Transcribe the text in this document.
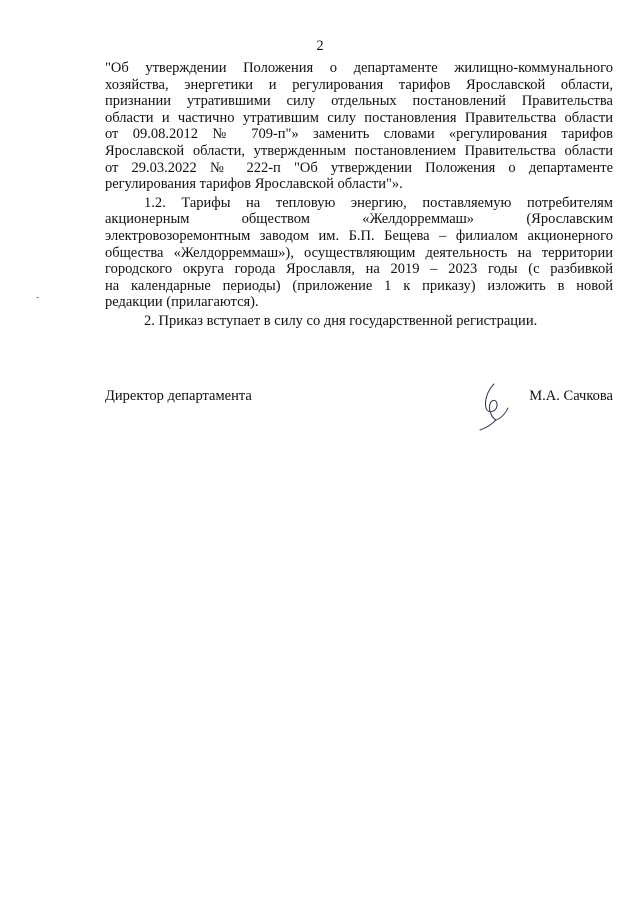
2
"Об утверждении Положения о департаменте жилищно-коммунального
хозяйства, энергетики и регулирования тарифов Ярославской области,
признании утратившими силу отдельных постановлений Правительства
области и частично утратившим силу постановления Правительства области
от 09.08.2012 № 709-п"» заменить словами «регулирования тарифов
Ярославской области, утвержденным постановлением Правительства области
от 29.03.2022 № 222-п "Об утверждении Положения о департаменте
регулирования тарифов Ярославской области"».
1.2. Тарифы на тепловую энергию, поставляемую потребителям
акционерным обществом «Желдорреммаш» (Ярославским
электровозоремонтным заводом им. Б.П. Бещева – филиалом акционерного
общества «Желдорреммаш»), осуществляющим деятельность на территории
городского округа города Ярославля, на 2019 – 2023 годы (с разбивкой
на календарные периоды) (приложение 1 к приказу) изложить в новой
редакции (прилагаются).
2. Приказ вступает в силу со дня государственной регистрации.
Директор департамента	М.А. Сачкова
